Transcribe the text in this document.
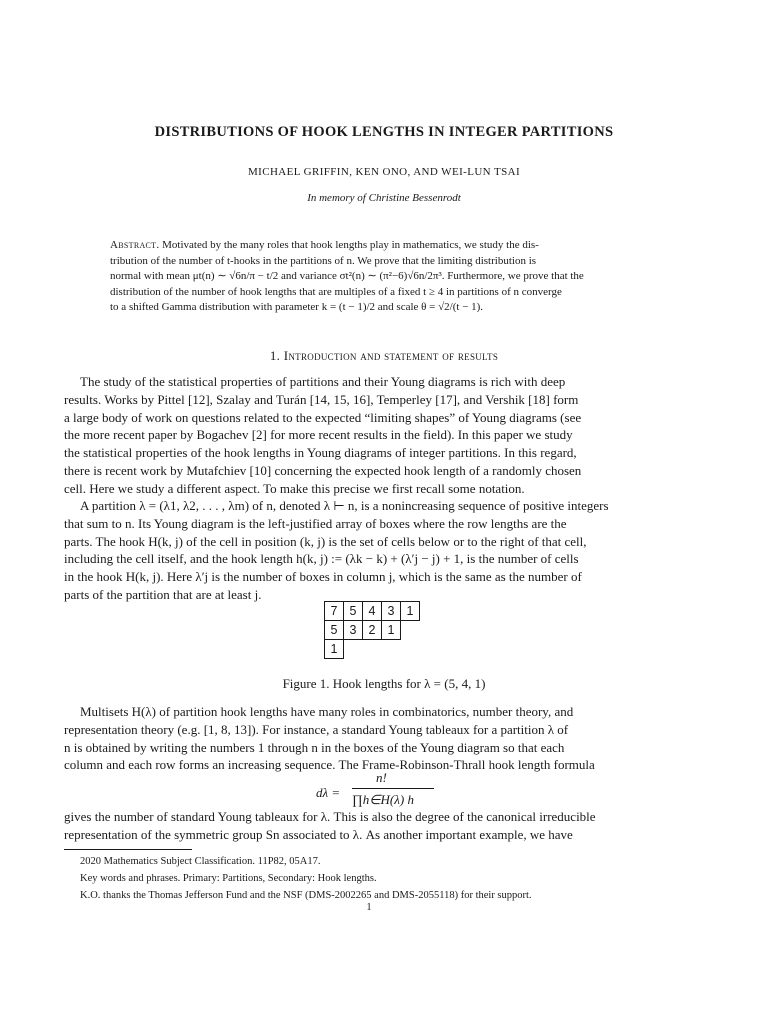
DISTRIBUTIONS OF HOOK LENGTHS IN INTEGER PARTITIONS
MICHAEL GRIFFIN, KEN ONO, AND WEI-LUN TSAI
In memory of Christine Bessenrodt
Abstract. Motivated by the many roles that hook lengths play in mathematics, we study the dis-
tribution of the number of t-hooks in the partitions of n. We prove that the limiting distribution is
normal with mean μt(n) ∼ √6n/π − t/2 and variance σt²(n) ∼ (π²−6)√6n/2π³. Furthermore, we prove that the
distribution of the number of hook lengths that are multiples of a fixed t ≥ 4 in partitions of n converge
to a shifted Gamma distribution with parameter k = (t − 1)/2 and scale θ = √2/(t − 1).
1. Introduction and statement of results
The study of the statistical properties of partitions and their Young diagrams is rich with deep
results. Works by Pittel [12], Szalay and Turán [14, 15, 16], Temperley [17], and Vershik [18] form
a large body of work on questions related to the expected “limiting shapes” of Young diagrams (see
the more recent paper by Bogachev [2] for more recent results in the field). In this paper we study
the statistical properties of the hook lengths in Young diagrams of integer partitions. In this regard,
there is recent work by Mutafchiev [10] concerning the expected hook length of a randomly chosen
cell. Here we study a different aspect. To make this precise we first recall some notation.
A partition λ = (λ1, λ2, . . . , λm) of n, denoted λ ⊢ n, is a nonincreasing sequence of positive integers
that sum to n. Its Young diagram is the left-justified array of boxes where the row lengths are the
parts. The hook H(k, j) of the cell in position (k, j) is the set of cells below or to the right of that cell,
including the cell itself, and the hook length h(k, j) := (λk − k) + (λ′j − j) + 1, is the number of cells
in the hook H(k, j). Here λ′j is the number of boxes in column j, which is the same as the number of
parts of the partition that are at least j.
7 5 4 3 1
5 3 2 1
1
Figure 1. Hook lengths for λ = (5, 4, 1)
Multisets H(λ) of partition hook lengths have many roles in combinatorics, number theory, and
representation theory (e.g. [1, 8, 13]). For instance, a standard Young tableaux for a partition λ of
n is obtained by writing the numbers 1 through n in the boxes of the Young diagram so that each
column and each row forms an increasing sequence. The Frame-Robinson-Thrall hook length formula
dλ =
n!
∏h∈H(λ) h
gives the number of standard Young tableaux for λ. This is also the degree of the canonical irreducible
representation of the symmetric group Sn associated to λ. As another important example, we have
2020 Mathematics Subject Classification. 11P82, 05A17.
Key words and phrases. Primary: Partitions, Secondary: Hook lengths.
K.O. thanks the Thomas Jefferson Fund and the NSF (DMS-2002265 and DMS-2055118) for their support.
1
